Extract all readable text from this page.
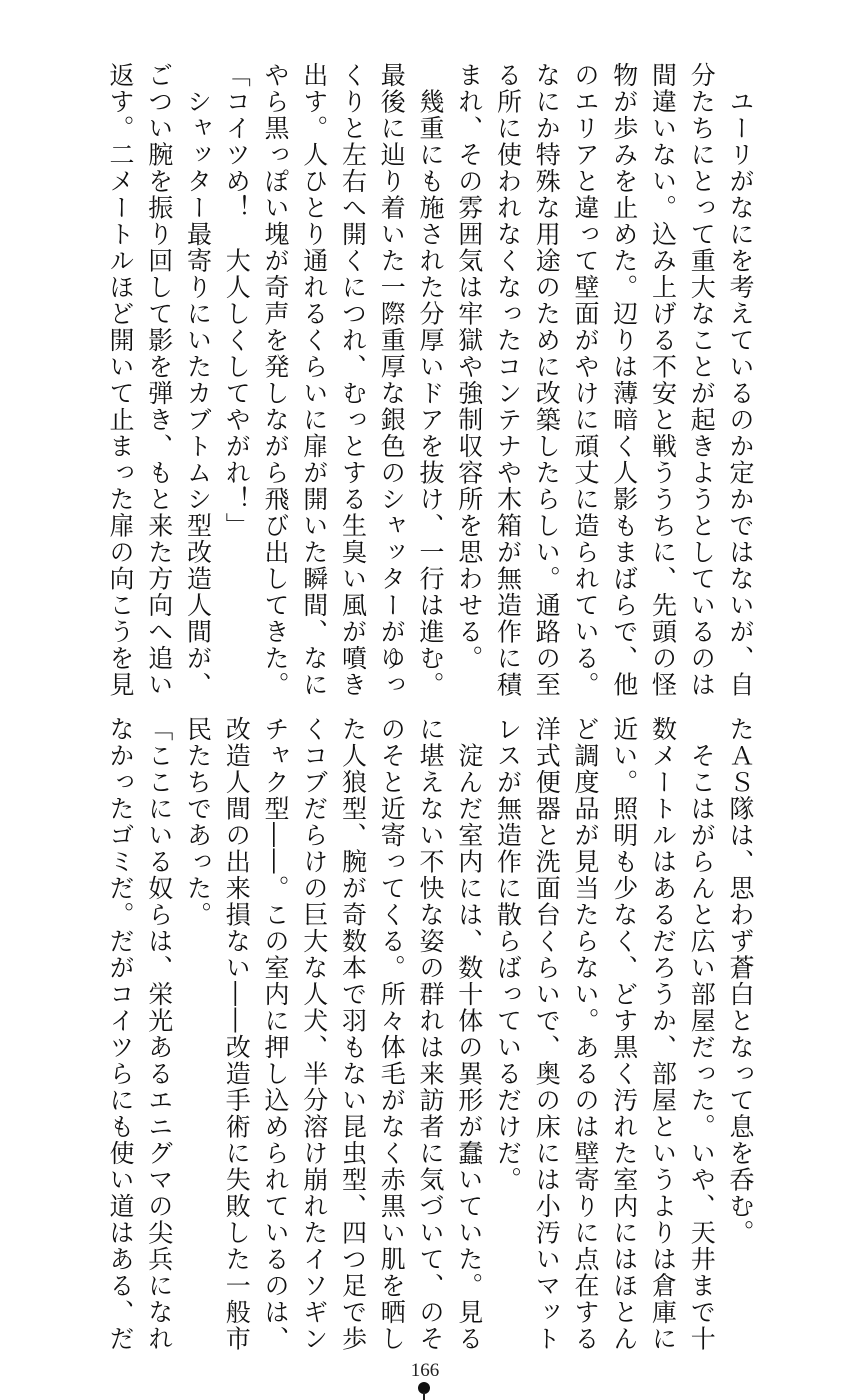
　ユーリがなにを考えているのか定かではないが、自
分たちにとって重大なことが起きようとしているのは
間違いない。込み上げる不安と戦ううちに、先頭の怪
物が歩みを止めた。辺りは薄暗く人影もまばらで、他
のエリアと違って壁面がやけに頑丈に造られている。
なにか特殊な用途のために改築したらしい。通路の至
る所に使われなくなったコンテナや木箱が無造作に積
まれ、その雰囲気は牢獄や強制収容所を思わせる。
　幾重にも施された分厚いドアを抜け、一行は進む。
最後に辿り着いた一際重厚な銀色のシャッターがゆっ
くりと左右へ開くにつれ、むっとする生臭い風が噴き
出す。人ひとり通れるくらいに扉が開いた瞬間、なに
やら黒っぽい塊が奇声を発しながら飛び出してきた。
「コイツめ！　大人しくしてやがれ！」
　シャッター最寄りにいたカブトムシ型改造人間が、
ごつい腕を振り回して影を弾き、もと来た方向へ追い
返す。二メートルほど開いて止まった扉の向こうを見
たＡＳ隊は、思わず蒼白となって息を呑む。
　そこはがらんと広い部屋だった。いや、天井まで十
数メートルはあるだろうか、部屋というよりは倉庫に
近い。照明も少なく、どす黒く汚れた室内にはほとん
ど調度品が見当たらない。あるのは壁寄りに点在する
洋式便器と洗面台くらいで、奥の床には小汚いマット
レスが無造作に散らばっているだけだ。
　淀んだ室内には、数十体の異形が蠢いていた。見る
に堪えない不快な姿の群れは来訪者に気づいて、のそ
のそと近寄ってくる。所々体毛がなく赤黒い肌を晒し
た人狼型、腕が奇数本で羽もない昆虫型、四つ足で歩
くコブだらけの巨大な人犬、半分溶け崩れたイソギン
チャク型――。この室内に押し込められているのは、
改造人間の出来損ない――改造手術に失敗した一般市
民たちであった。
「ここにいる奴らは、栄光あるエニグマの尖兵になれ
なかったゴミだ。だがコイツらにも使い道はある、だ
166
